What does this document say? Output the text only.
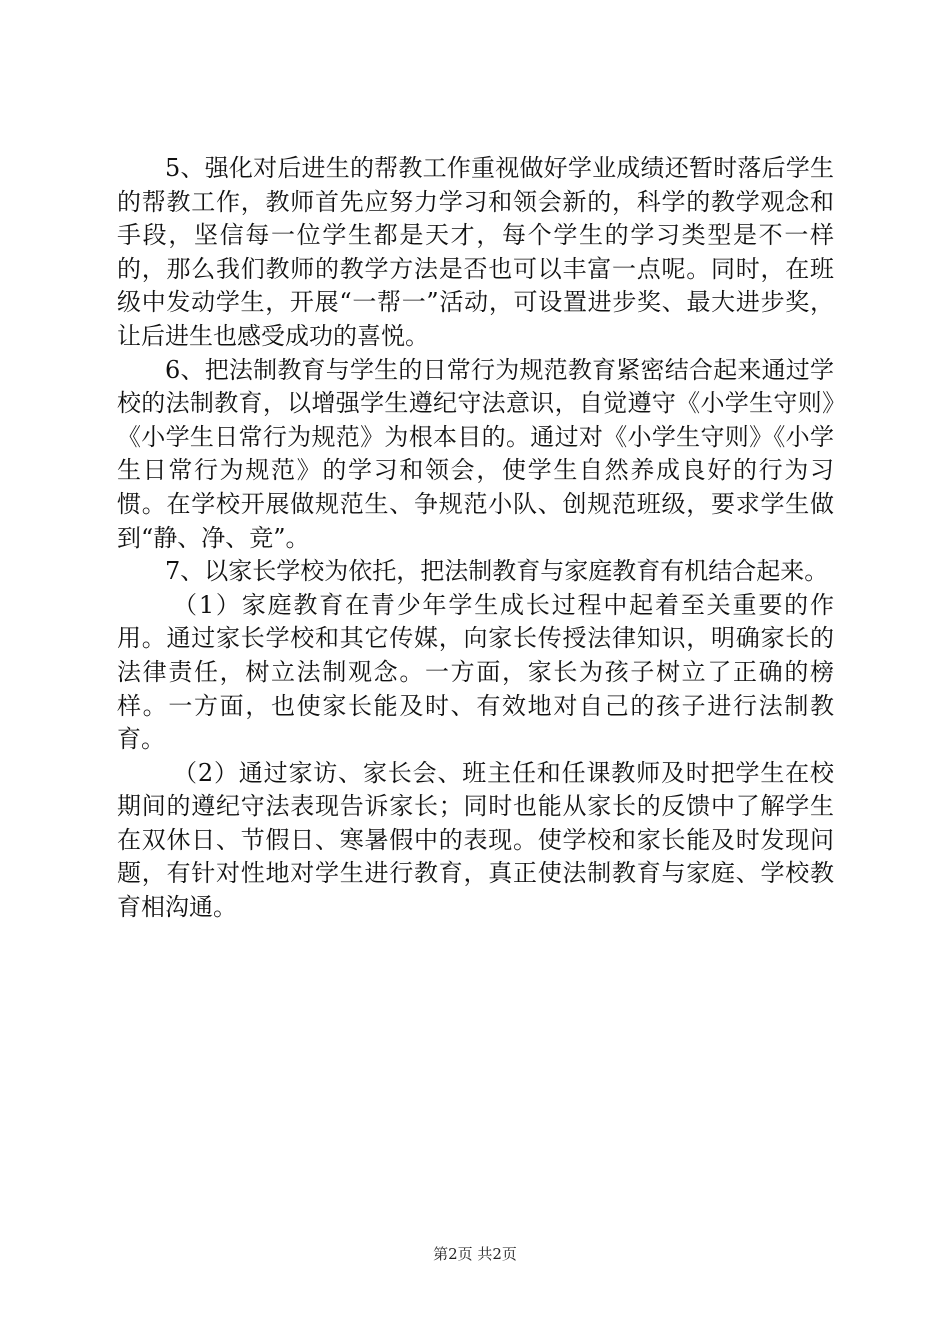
5、强化对后进生的帮教工作重视做好学业成绩还暂时落后学生的帮教工作，教师首先应努力学习和领会新的，科学的教学观念和手段，坚信每一位学生都是天才，每个学生的学习类型是不一样的，那么我们教师的教学方法是否也可以丰富一点呢。同时，在班级中发动学生，开展“一帮一”活动，可设置进步奖、最大进步奖，让后进生也感受成功的喜悦。

6、把法制教育与学生的日常行为规范教育紧密结合起来通过学校的法制教育，以增强学生遵纪守法意识，自觉遵守《小学生守则》《小学生日常行为规范》为根本目的。通过对《小学生守则》《小学生日常行为规范》的学习和领会，使学生自然养成良好的行为习惯。在学校开展做规范生、争规范小队、创规范班级，要求学生做到“静、净、竞”。

7、以家长学校为依托，把法制教育与家庭教育有机结合起来。

（1）家庭教育在青少年学生成长过程中起着至关重要的作用。通过家长学校和其它传媒，向家长传授法律知识，明确家长的法律责任，树立法制观念。一方面，家长为孩子树立了正确的榜样。一方面，也使家长能及时、有效地对自己的孩子进行法制教育。

（2）通过家访、家长会、班主任和任课教师及时把学生在校期间的遵纪守法表现告诉家长；同时也能从家长的反馈中了解学生在双休日、节假日、寒暑假中的表现。使学校和家长能及时发现问题，有针对性地对学生进行教育，真正使法制教育与家庭、学校教育相沟通。

第2页 共2页
